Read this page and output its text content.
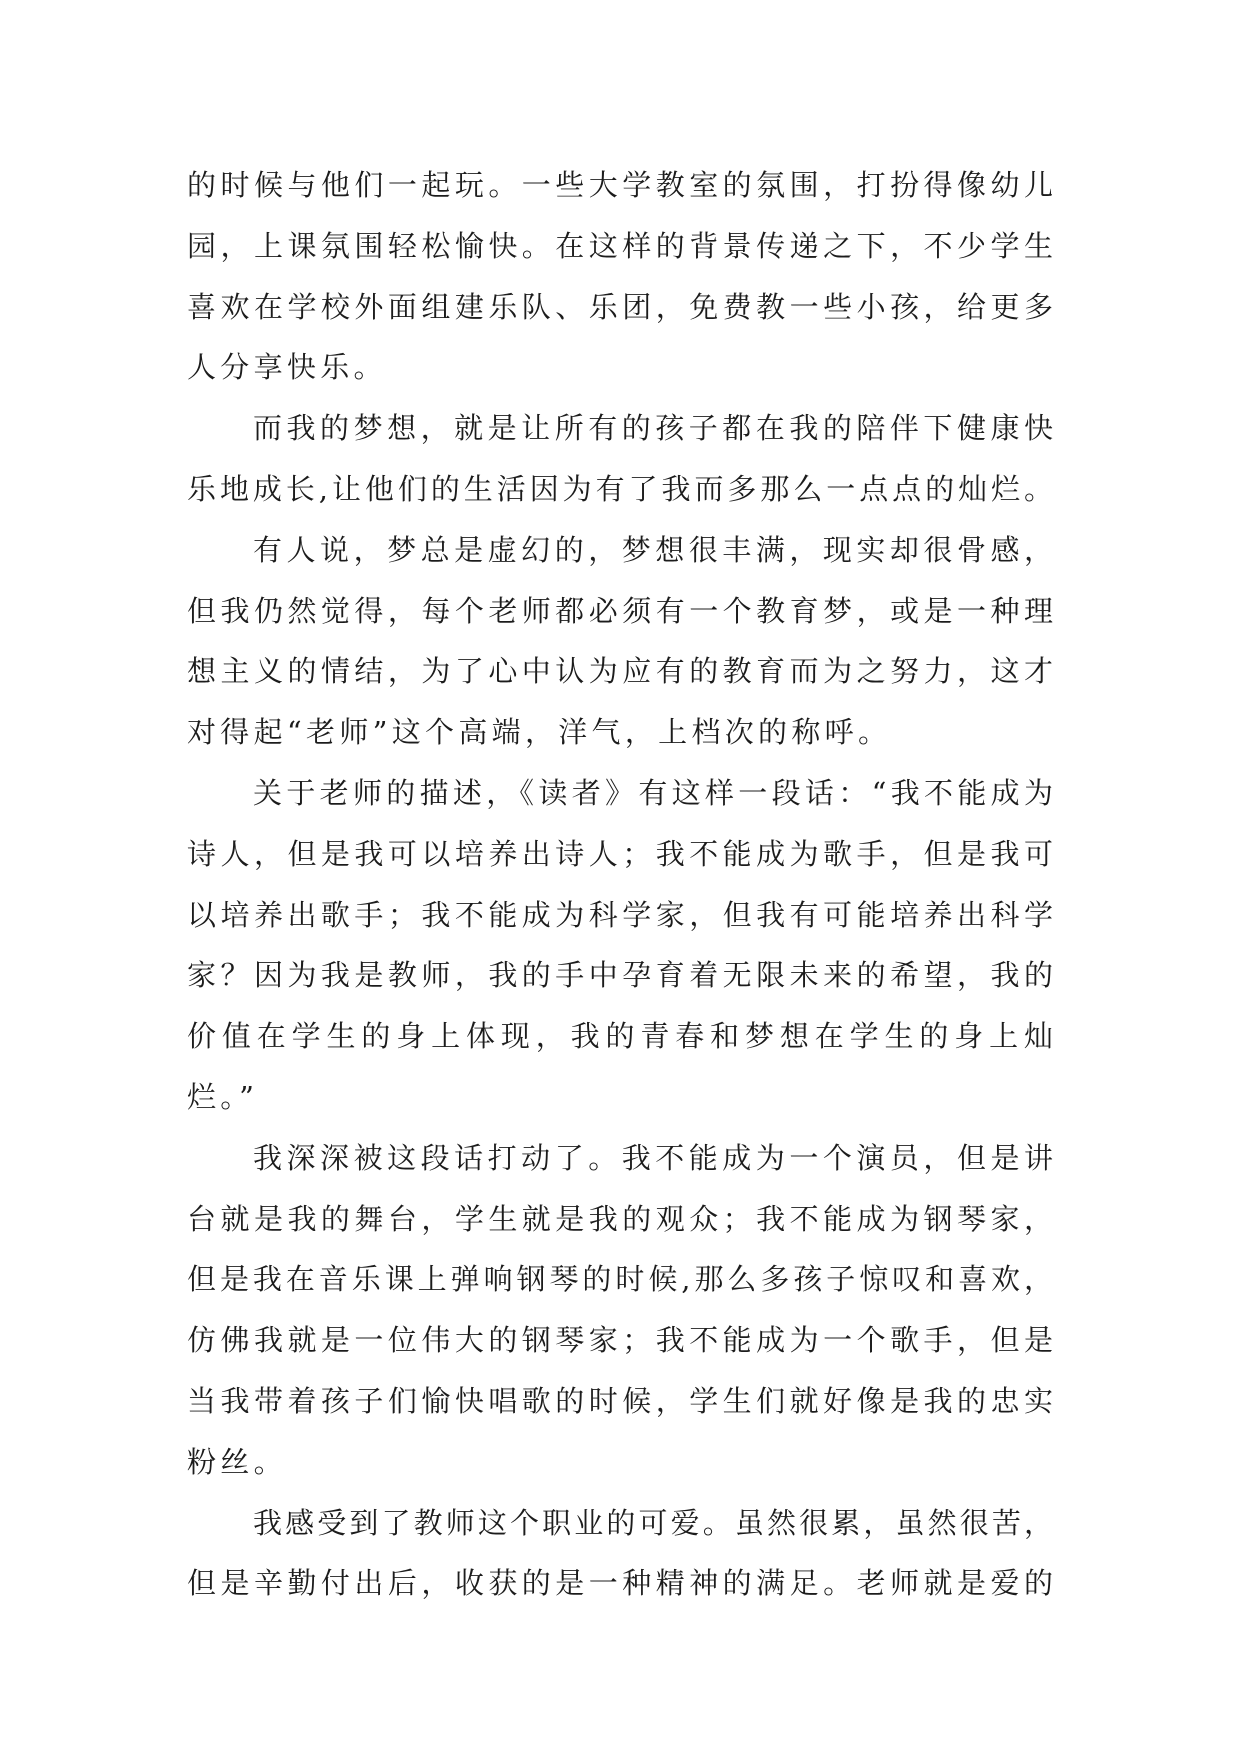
的时候与他们一起玩。一些大学教室的氛围，打扮得像幼儿
园，上课氛围轻松愉快。在这样的背景传递之下，不少学生
喜欢在学校外面组建乐队、乐团，免费教一些小孩，给更多
人分享快乐。
而我的梦想，就是让所有的孩子都在我的陪伴下健康快
乐地成长,让他们的生活因为有了我而多那么一点点的灿烂。
有人说，梦总是虚幻的，梦想很丰满，现实却很骨感，
但我仍然觉得，每个老师都必须有一个教育梦，或是一种理
想主义的情结，为了心中认为应有的教育而为之努力，这才
对得起“老师”这个高端，洋气，上档次的称呼。
关于老师的描述，《读者》有这样一段话：“我不能成为
诗人，但是我可以培养出诗人；我不能成为歌手，但是我可
以培养出歌手；我不能成为科学家，但我有可能培养出科学
家？因为我是教师，我的手中孕育着无限未来的希望，我的
价值在学生的身上体现，我的青春和梦想在学生的身上灿
烂。”
我深深被这段话打动了。我不能成为一个演员，但是讲
台就是我的舞台，学生就是我的观众；我不能成为钢琴家，
但是我在音乐课上弹响钢琴的时候,那么多孩子惊叹和喜欢，
仿佛我就是一位伟大的钢琴家；我不能成为一个歌手，但是
当我带着孩子们愉快唱歌的时候，学生们就好像是我的忠实
粉丝。
我感受到了教师这个职业的可爱。虽然很累，虽然很苦，
但是辛勤付出后，收获的是一种精神的满足。老师就是爱的
